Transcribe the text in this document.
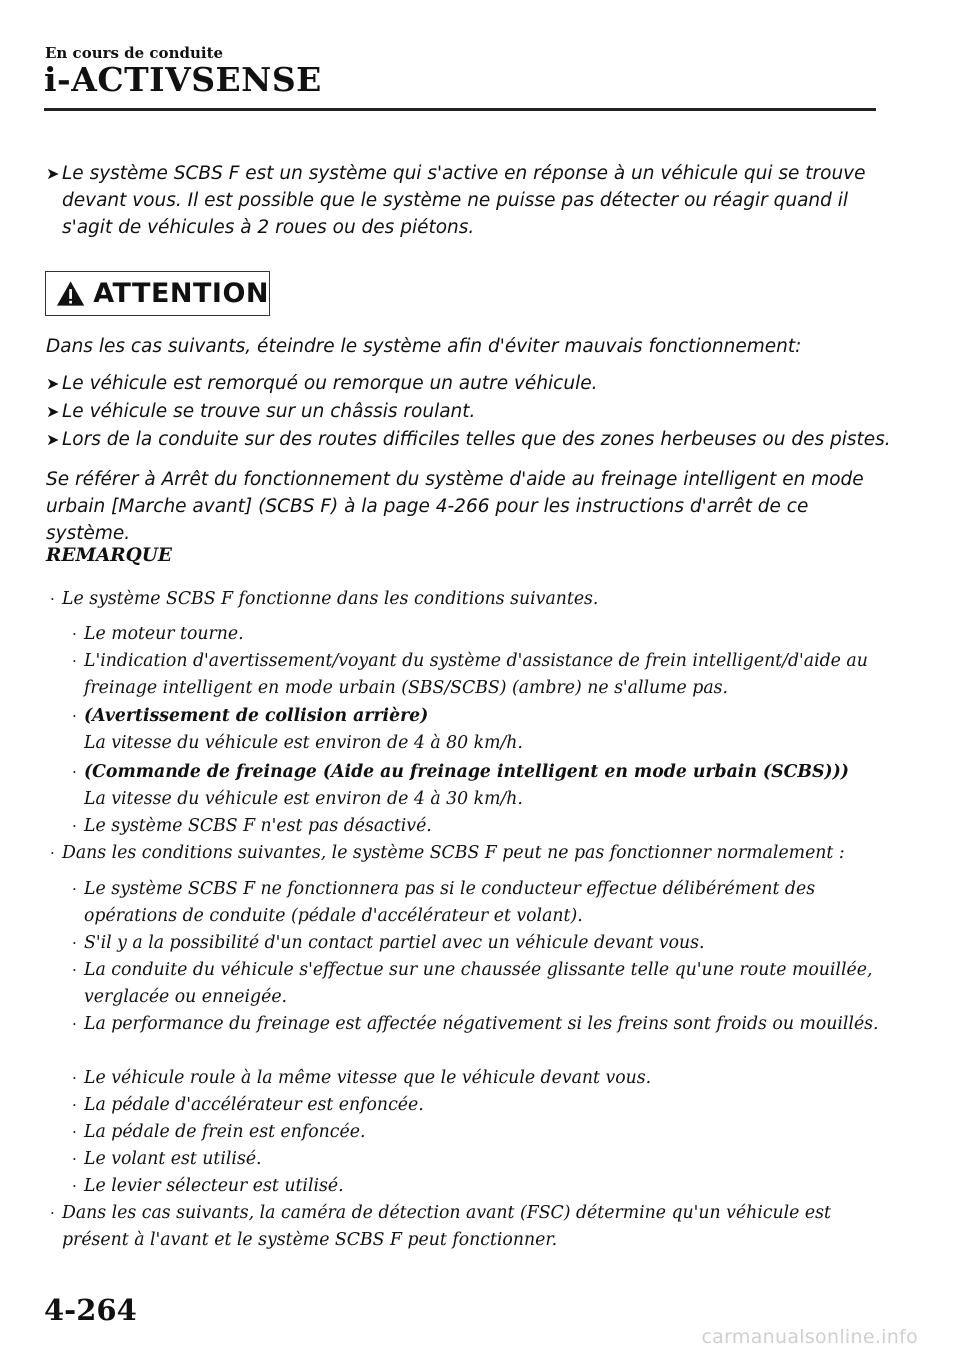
En cours de conduite
i-ACTIVSENSE
➤ Le système SCBS F est un système qui s'active en réponse à un véhicule qui se trouve devant vous. Il est possible que le système ne puisse pas détecter ou réagir quand il s'agit de véhicules à 2 roues ou des piétons.
ATTENTION
Dans les cas suivants, éteindre le système afin d'éviter mauvais fonctionnement:
➤ Le véhicule est remorqué ou remorque un autre véhicule.
➤ Le véhicule se trouve sur un châssis roulant.
➤ Lors de la conduite sur des routes difficiles telles que des zones herbeuses ou des pistes.
Se référer à Arrêt du fonctionnement du système d'aide au freinage intelligent en mode urbain [Marche avant] (SCBS F) à la page 4-266 pour les instructions d'arrêt de ce système.
REMARQUE
· Le système SCBS F fonctionne dans les conditions suivantes.
· Le moteur tourne.
· L'indication d'avertissement/voyant du système d'assistance de frein intelligent/d'aide au freinage intelligent en mode urbain (SBS/SCBS) (ambre) ne s'allume pas.
· (Avertissement de collision arrière)
La vitesse du véhicule est environ de 4 à 80 km/h.
· (Commande de freinage (Aide au freinage intelligent en mode urbain (SCBS)))
La vitesse du véhicule est environ de 4 à 30 km/h.
· Le système SCBS F n'est pas désactivé.
· Dans les conditions suivantes, le système SCBS F peut ne pas fonctionner normalement :
· Le système SCBS F ne fonctionnera pas si le conducteur effectue délibérément des opérations de conduite (pédale d'accélérateur et volant).
· S'il y a la possibilité d'un contact partiel avec un véhicule devant vous.
· La conduite du véhicule s'effectue sur une chaussée glissante telle qu'une route mouillée, verglacée ou enneigée.
· La performance du freinage est affectée négativement si les freins sont froids ou mouillés.
· Le véhicule roule à la même vitesse que le véhicule devant vous.
· La pédale d'accélérateur est enfoncée.
· La pédale de frein est enfoncée.
· Le volant est utilisé.
· Le levier sélecteur est utilisé.
· Dans les cas suivants, la caméra de détection avant (FSC) détermine qu'un véhicule est présent à l'avant et le système SCBS F peut fonctionner.
4-264
carmanualsonline.info
